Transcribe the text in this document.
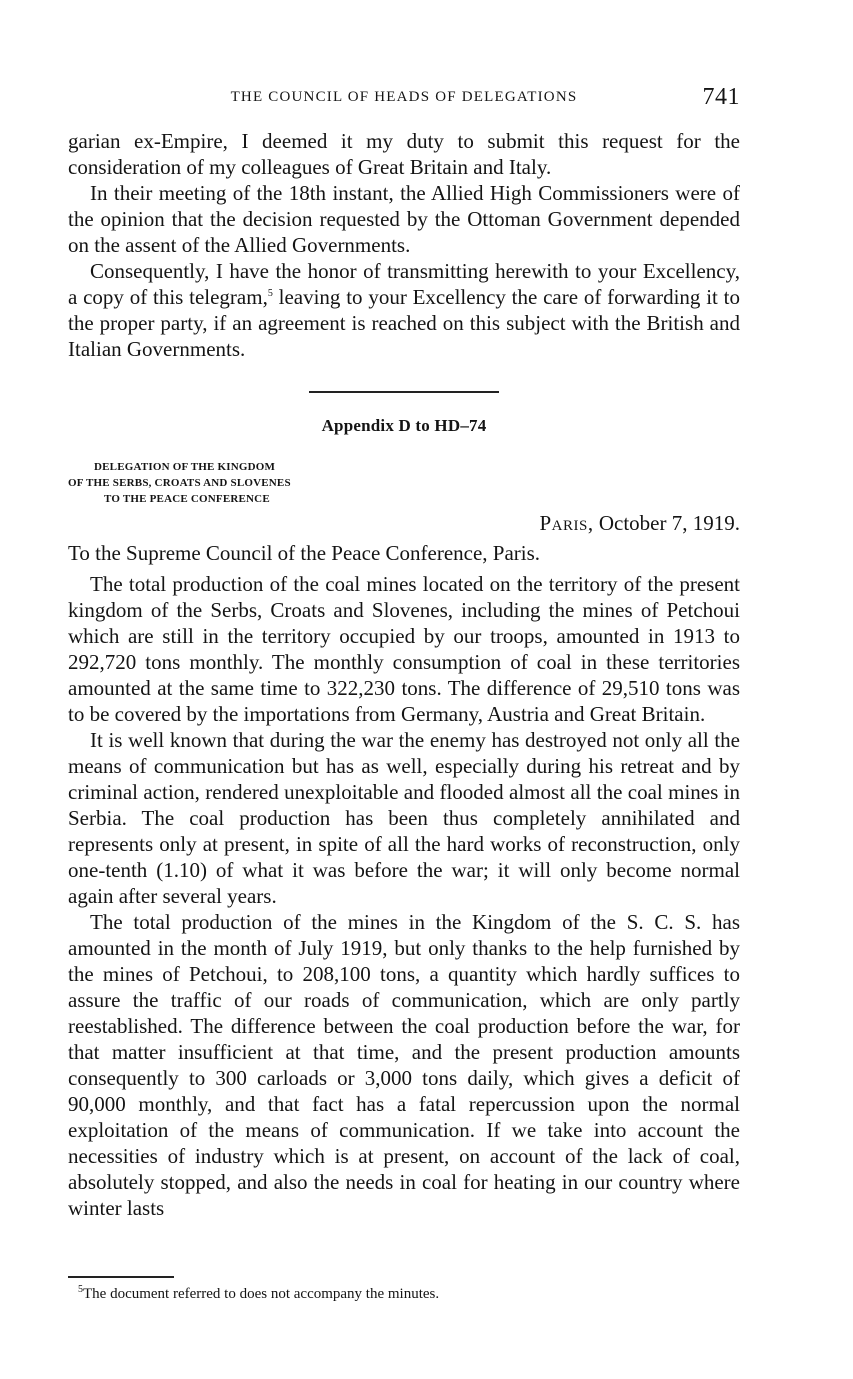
THE COUNCIL OF HEADS OF DELEGATIONS	741

garian ex-Empire, I deemed it my duty to submit this request for the consideration of my colleagues of Great Britain and Italy.

In their meeting of the 18th instant, the Allied High Commissioners were of the opinion that the decision requested by the Ottoman Government depended on the assent of the Allied Governments.

Consequently, I have the honor of transmitting herewith to your Excellency, a copy of this telegram,$^5$ leaving to your Excellency the care of forwarding it to the proper party, if an agreement is reached on this subject with the British and Italian Governments.

Appendix D to HD–74
DELEGATION OF THE KINGDOM
OF THE SERBS, CROATS AND SLOVENES
TO THE PEACE CONFERENCE
Paris, October 7, 1919.
To the Supreme Council of the Peace Conference, Paris.

The total production of the coal mines located on the territory of the present kingdom of the Serbs, Croats and Slovenes, including the mines of Petchoui which are still in the territory occupied by our troops, amounted in 1913 to 292,720 tons monthly. The monthly consumption of coal in these territories amounted at the same time to 322,230 tons. The difference of 29,510 tons was to be covered by the importations from Germany, Austria and Great Britain.

It is well known that during the war the enemy has destroyed not only all the means of communication but has as well, especially during his retreat and by criminal action, rendered unexploitable and flooded almost all the coal mines in Serbia. The coal production has been thus completely annihilated and represents only at present, in spite of all the hard works of reconstruction, only one-tenth (1.10) of what it was before the war; it will only become normal again after several years.

The total production of the mines in the Kingdom of the S. C. S. has amounted in the month of July 1919, but only thanks to the help furnished by the mines of Petchoui, to 208,100 tons, a quantity which hardly suffices to assure the traffic of our roads of communication, which are only partly reestablished. The difference between the coal production before the war, for that matter insufficient at that time, and the present production amounts consequently to 300 carloads or 3,000 tons daily, which gives a deficit of 90,000 monthly, and that fact has a fatal repercussion upon the normal exploitation of the means of communication. If we take into account the necessities of industry which is at present, on account of the lack of coal, absolutely stopped, and also the needs in coal for heating in our country where winter lasts

$^5$The document referred to does not accompany the minutes.
